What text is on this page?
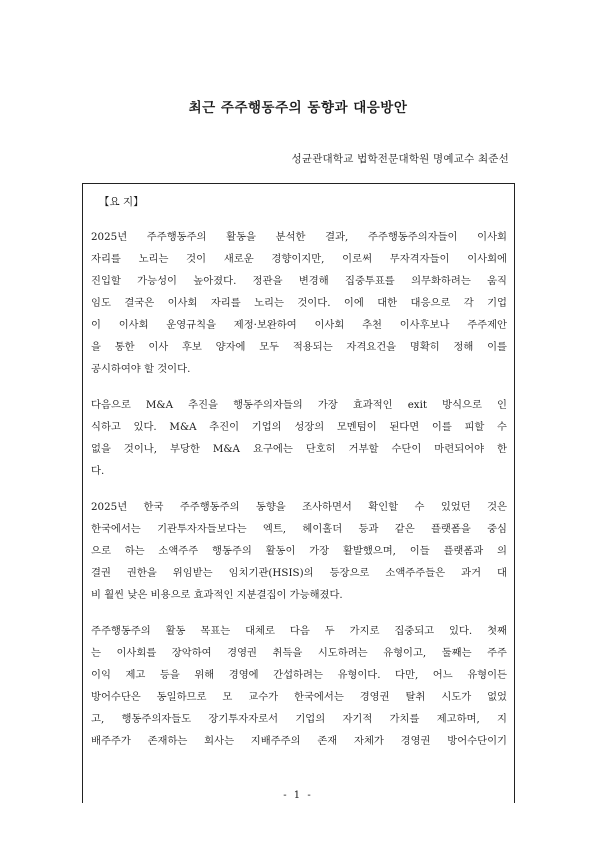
최근 주주행동주의 동향과 대응방안
성균관대학교 법학전문대학원 명예교수 최준선
【요 지】

2025년 주주행동주의 활동을 분석한 결과, 주주행동주의자들이 이사회
자리를 노리는 것이 새로운 경향이지만, 이로써 무자격자들이 이사회에
진입할 가능성이 높아졌다. 정관을 변경해 집중투표를 의무화하려는 움직
임도 결국은 이사회 자리를 노리는 것이다. 이에 대한 대응으로 각 기업
이 이사회 운영규칙을 제정·보완하여 이사회 추천 이사후보나 주주제안
을 통한 이사 후보 양자에 모두 적용되는 자격요건을 명확히 정해 이를
공시하여야 할 것이다.

다음으로 M&A 추진을 행동주의자들의 가장 효과적인 exit 방식으로 인
식하고 있다. M&A 추진이 기업의 성장의 모멘텀이 된다면 이를 피할 수
없을 것이나, 부당한 M&A 요구에는 단호히 거부할 수단이 마련되어야 한
다.

2025년 한국 주주행동주의 동향을 조사하면서 확인할 수 있었던 것은
한국에서는 기관투자자들보다는 엑트, 헤이홀더 등과 같은 플랫폼을 중심
으로 하는 소액주주 행동주의 활동이 가장 활발했으며, 이들 플랫폼과 의
결권 권한을 위임받는 임치기관(HSIS)의 등장으로 소액주주들은 과거 대
비 훨씬 낮은 비용으로 효과적인 지분결집이 가능해졌다.

주주행동주의 활동 목표는 대체로 다음 두 가지로 집중되고 있다. 첫째
는 이사회를 장악하여 경영권 취득을 시도하려는 유형이고, 둘째는 주주
이익 제고 등을 위해 경영에 간섭하려는 유형이다. 다만, 어느 유형이든
방어수단은 동일하므로 모 교수가 한국에서는 경영권 탈취 시도가 없었
고, 행동주의자들도 장기투자자로서 기업의 자기적 가치를 제고하며, 지
배주주가 존재하는 회사는 지배주주의 존재 자체가 경영권 방어수단이기

- 1 -
